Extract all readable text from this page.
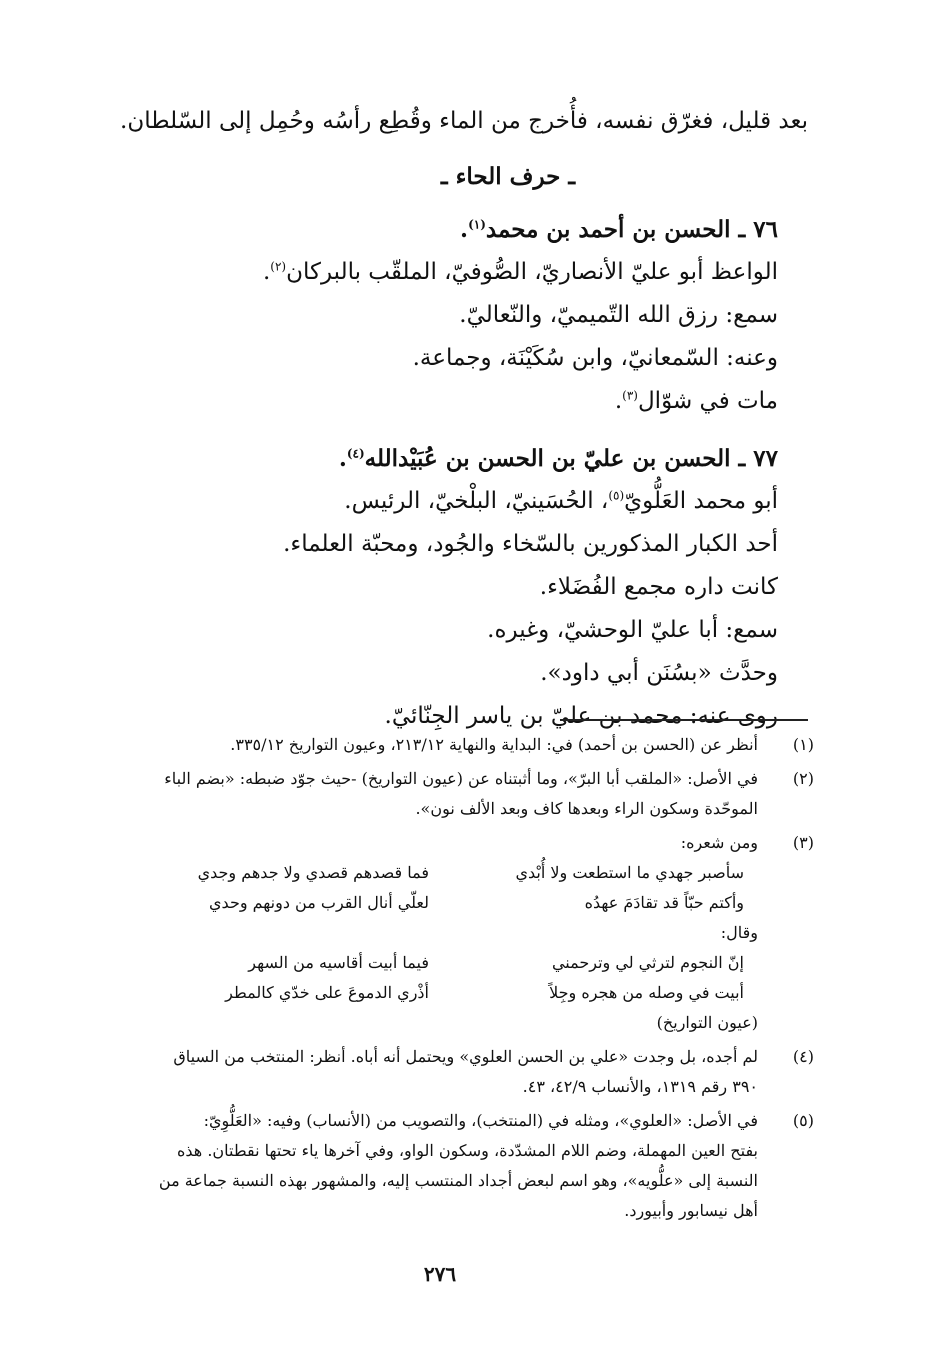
بعد قليل، فغرّق نفسه، فأُخرج من الماء وقُطِع رأسُه وحُمِل إلى السّلطان.

ـ حرف الحاء ـ

٧٦ ـ الحسن بن أحمد بن محمد$^{(١)}$.

الواعظ أبو عليّ الأنصاريّ، الصُّوفيّ، الملقّب بالبركان$^{(٢)}$.

سمع: رزق الله التّميميّ، والنّعاليّ.

وعنه: السّمعانيّ، وابن سُكَيْنَة، وجماعة.

مات في شوّال$^{(٣)}$.

٧٧ ـ الحسن بن عليّ بن الحسن بن عُبَيْدالله$^{(٤)}$.

أبو محمد العَلُّويّ$^{(٥)}$، الحُسَينيّ، البلْخيّ، الرئيس.

أحد الكبار المذكورين بالسّخاء والجُود، ومحبّة العلماء.

كانت داره مجمع الفُضَلاء.

سمع: أبا عليّ الوحشيّ، وغيره.

وحدَّث «بسُنَن أبي داود».

روى عنه: محمد بن عليّ بن ياسر الجِنّائيّ.

(١)

أنظر عن (الحسن بن أحمد) في: البداية والنهاية ٢١٣/١٢، وعيون التواريخ ٣٣٥/١٢.

(٢)

في الأصل: «الملقب أبا البرّ»، وما أثبتناه عن (عيون التواريخ) -حيث جوّد ضبطه: «بضم الباء

الموحّدة وسكون الراء وبعدها كاف وبعد الألف نون».

(٣)

ومن شعره:

سأصبر جهدي ما استطعت ولا أُبْدي
فما قصدهم قصدي ولا جدهم وجدي
وأكتم حبّاً قد تقادَمَ عهدُه
لعلّي أنال القرب من دونهم وحدي

وقال:

إنّ النجوم لترثي لي وترحمني
فيما أبيت أقاسيه من السهر
أبيت في وصله من هجره وجِلاً
أذْري الدموعَ على خدّي كالمطر

(عيون التواريخ)

(٤)

لم أجده، بل وجدت «علي بن الحسن العلوي» ويحتمل أنه أباه. أنظر: المنتخب من السياق

٣٩٠ رقم ١٣١٩، والأنساب ٤٢/٩، ٤٣.

(٥)

في الأصل: «العلوي»، ومثله في (المنتخب)، والتصويب من (الأنساب) وفيه: «العَلُّوِيّ:

بفتح العين المهملة، وضم اللام المشدّدة، وسكون الواو، وفي آخرها ياء تحتها نقطتان. هذه

النسبة إلى «علُّويه»، وهو اسم لبعض أجداد المنتسب إليه، والمشهور بهذه النسبة جماعة من

أهل نيسابور وأبيورد.

٢٧٦
